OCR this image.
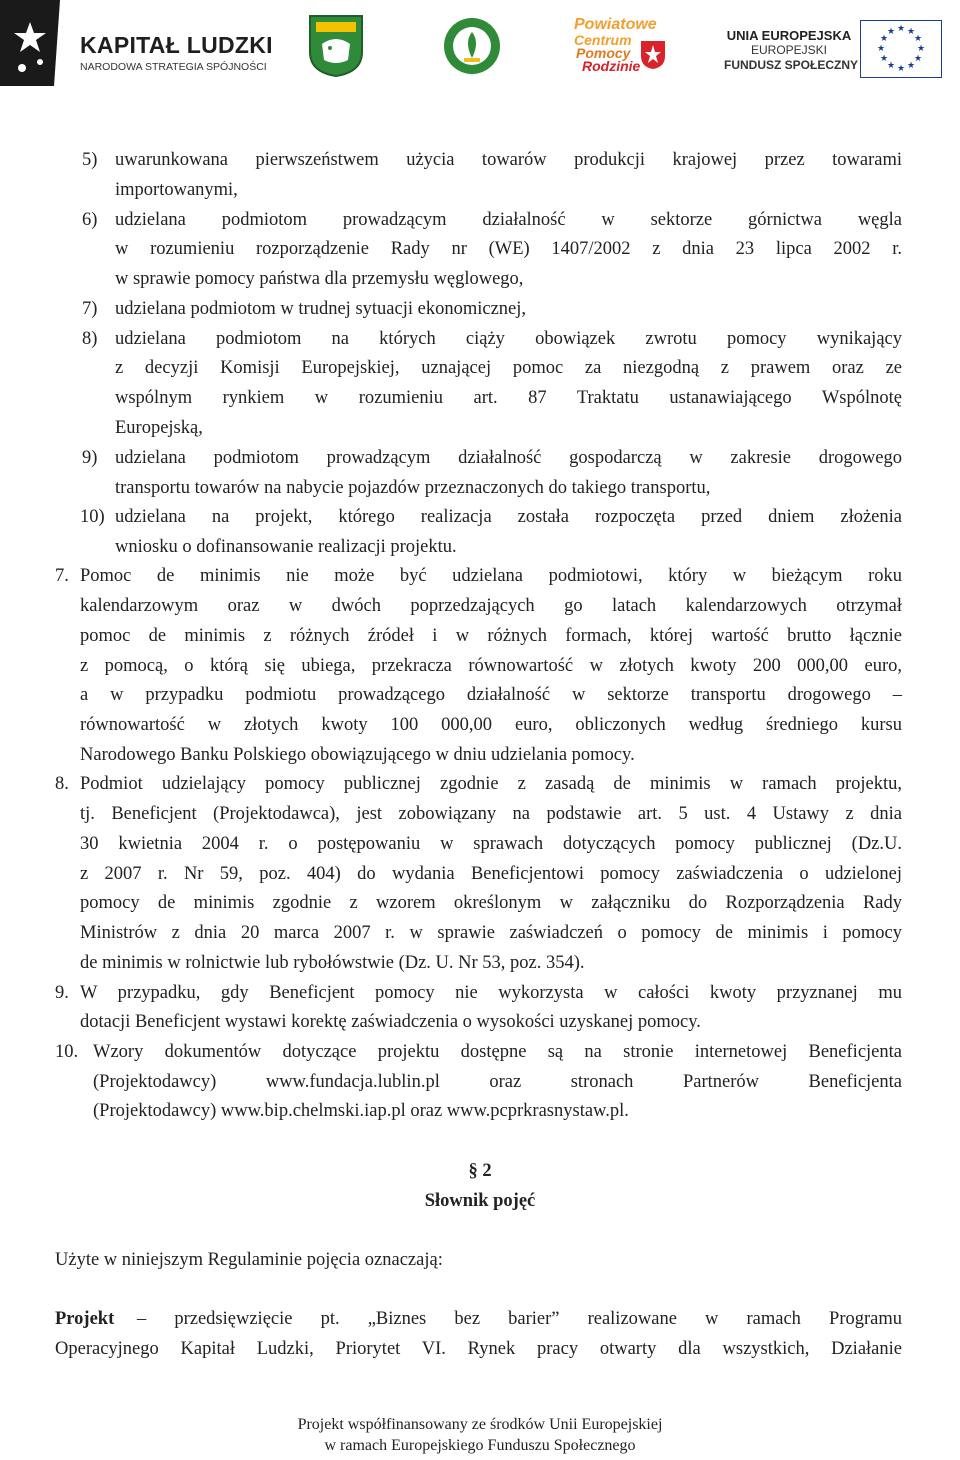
KAPITAŁ LUDZKI
NARODOWA STRATEGIA SPÓJNOŚCI
Powiatowe
Centrum
Pomocy
Rodzinie
UNIA EUROPEJSKA
EUROPEJSKI
FUNDUSZ SPOŁECZNY
★ ★
★
★
★
★
★
★
★
★
★
★
5) uwarunkowana pierwszeństwem użycia towarów produkcji krajowej przez towarami
importowanymi,
6) udzielana podmiotom prowadzącym działalność w sektorze górnictwa węgla
w rozumieniu rozporządzenie Rady nr (WE) 1407/2002 z dnia 23 lipca 2002 r.
w sprawie pomocy państwa dla przemysłu węglowego,
7) udzielana podmiotom w trudnej sytuacji ekonomicznej,
8) udzielana podmiotom na których ciąży obowiązek zwrotu pomocy wynikający
z decyzji Komisji Europejskiej, uznającej pomoc za niezgodną z prawem oraz ze
wspólnym rynkiem w rozumieniu art. 87 Traktatu ustanawiającego Wspólnotę
Europejską,
9) udzielana podmiotom prowadzącym działalność gospodarczą w zakresie drogowego
transportu towarów na nabycie pojazdów przeznaczonych do takiego transportu,
10) udzielana na projekt, którego realizacja została rozpoczęta przed dniem złożenia
wniosku o dofinansowanie realizacji projektu.
7. Pomoc de minimis nie może być udzielana podmiotowi, który w bieżącym roku
kalendarzowym oraz w dwóch poprzedzających go latach kalendarzowych otrzymał
pomoc de minimis z różnych źródeł i w różnych formach, której wartość brutto łącznie
z pomocą, o którą się ubiega, przekracza równowartość w złotych kwoty 200 000,00 euro,
a w przypadku podmiotu prowadzącego działalność w sektorze transportu drogowego –
równowartość w złotych kwoty 100 000,00 euro, obliczonych według średniego kursu
Narodowego Banku Polskiego obowiązującego w dniu udzielania pomocy.
8. Podmiot udzielający pomocy publicznej zgodnie z zasadą de minimis w ramach projektu,
tj. Beneficjent (Projektodawca), jest zobowiązany na podstawie art. 5 ust. 4 Ustawy z dnia
30 kwietnia 2004 r. o postępowaniu w sprawach dotyczących pomocy publicznej (Dz.U.
z 2007 r. Nr 59, poz. 404) do wydania Beneficjentowi pomocy zaświadczenia o udzielonej
pomocy de minimis zgodnie z wzorem określonym w załączniku do Rozporządzenia Rady
Ministrów z dnia 20 marca 2007 r. w sprawie zaświadczeń o pomocy de minimis i pomocy
de minimis w rolnictwie lub rybołówstwie (Dz. U. Nr 53, poz. 354).
9. W przypadku, gdy Beneficjent pomocy nie wykorzysta w całości kwoty przyznanej mu
dotacji Beneficjent wystawi korektę zaświadczenia o wysokości uzyskanej pomocy.
10. Wzory dokumentów dotyczące projektu dostępne są na stronie internetowej Beneficjenta
(Projektodawcy) www.fundacja.lublin.pl oraz stronach Partnerów Beneficjenta
(Projektodawcy) www.bip.chelmski.iap.pl oraz www.pcprkrasnystaw.pl.
§ 2
Słownik pojęć
Użyte w niniejszym Regulaminie pojęcia oznaczają:
Projekt – przedsięwzięcie pt. „Biznes bez barier” realizowane w ramach Programu
Operacyjnego Kapitał Ludzki, Priorytet VI. Rynek pracy otwarty dla wszystkich, Działanie
Projekt współfinansowany ze środków Unii Europejskiej
w ramach Europejskiego Funduszu Społecznego
